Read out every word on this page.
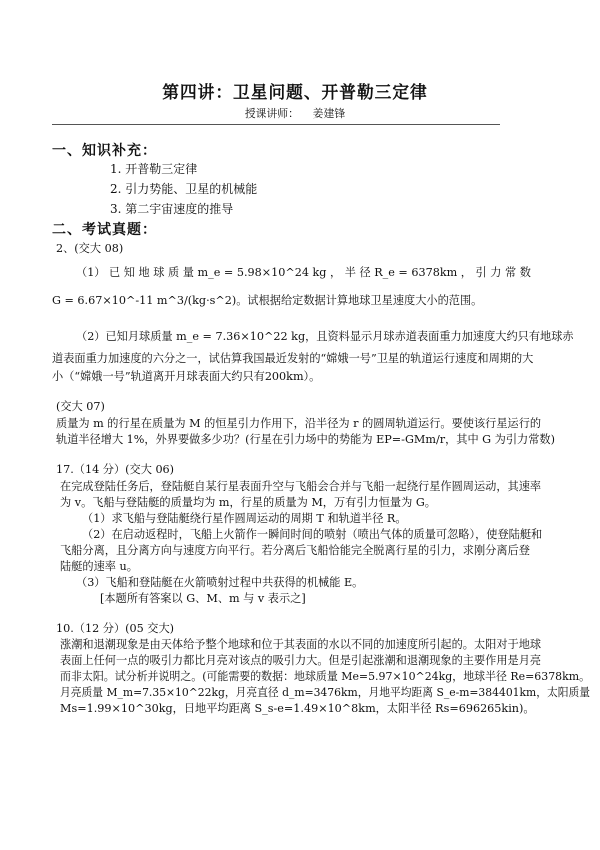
第四讲：卫星问题、开普勒三定律
授课讲师：    姜建锋
一、知识补充：
1. 开普勒三定律
2. 引力势能、卫星的机械能
3. 第二宇宙速度的推导
二、考试真题：
2、(交大 08)
（1） 已 知 地 球 质 量 m_e = 5.98×10^24 kg ， 半 径 R_e = 6378km ， 引 力 常 数
G = 6.67×10^-11 m^3/(kg·s^2)。试根据给定数据计算地球卫星速度大小的范围。
（2）已知月球质量 m_e = 7.36×10^22 kg，且资料显示月球赤道表面重力加速度大约只有地球赤
道表面重力加速度的六分之一，试估算我国最近发射的“嫦娥一号”卫星的轨道运行速度和周期的大
小（“嫦娥一号”轨道离开月球表面大约只有200km）。
(交大 07)
质量为 m 的行星在质量为 M 的恒星引力作用下，沿半径为 r 的圆周轨道运行。要使该行星运行的
轨道半径增大 1%，外界要做多少功？(行星在引力场中的势能为 EP=-GMm/r，其中 G 为引力常数)
17.（14 分）(交大 06)
在完成登陆任务后，登陆艇自某行星表面升空与飞船会合并与飞船一起绕行星作圆周运动，其速率
为 v。飞船与登陆艇的质量均为 m，行星的质量为 M，万有引力恒量为 G。
（1）求飞船与登陆艇绕行星作圆周运动的周期 T 和轨道半径 R。
（2）在启动返程时，飞船上火箭作一瞬间时间的喷射（喷出气体的质量可忽略），使登陆艇和
飞船分离，且分离方向与速度方向平行。若分离后飞船恰能完全脱离行星的引力，求刚分离后登
陆艇的速率 u。
（3）飞船和登陆艇在火箭喷射过程中共获得的机械能 E。
[本题所有答案以 G、M、m 与 v 表示之]
10.（12 分）(05 交大)
涨潮和退潮现象是由天体给予整个地球和位于其表面的水以不同的加速度所引起的。太阳对于地球
表面上任何一点的吸引力都比月亮对该点的吸引力大。但是引起涨潮和退潮现象的主要作用是月亮
而非太阳。试分析并说明之。(可能需要的数据：地球质量 Me=5.97×10^24kg，地球半径 Re=6378km。
月亮质量 M_m=7.35×10^22kg，月亮直径 d_m=3476km，月地平均距离 S_e-m=384401km，太阳质量
Ms=1.99×10^30kg，日地平均距离 S_s-e=1.49×10^8km，太阳半径 Rs=696265kin)。
